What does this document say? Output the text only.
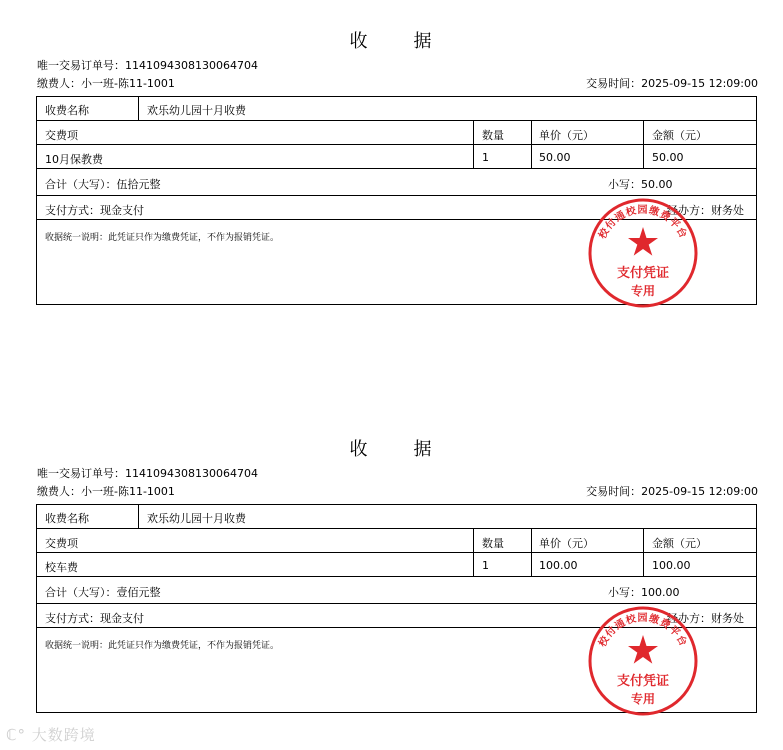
收 据
唯一交易订单号：1141094308130064704
缴费人：小一班-陈11-1001	交易时间：2025-09-15 12:09:00
收费名称	欢乐幼儿园十月收费
交费项	数量	单价（元）	金额（元）
10月保教费	1	50.00	50.00
合计（大写）：伍拾元整	小写：50.00
支付方式：现金支付	经办方：财务处
收据统一说明：此凭证只作为缴费凭证，不作为报销凭证。	校付通校园缴费平台
支付凭证
专用
收 据
唯一交易订单号：1141094308130064704
缴费人：小一班-陈11-1001	交易时间：2025-09-15 12:09:00
收费名称	欢乐幼儿园十月收费
交费项	数量	单价（元）	金额（元）
校车费	1	100.00	100.00
合计（大写）：壹佰元整	小写：100.00
支付方式：现金支付	经办方：财务处
收据统一说明：此凭证只作为缴费凭证，不作为报销凭证。	校付通校园缴费平台
支付凭证
专用
ℂ° 大数跨境
